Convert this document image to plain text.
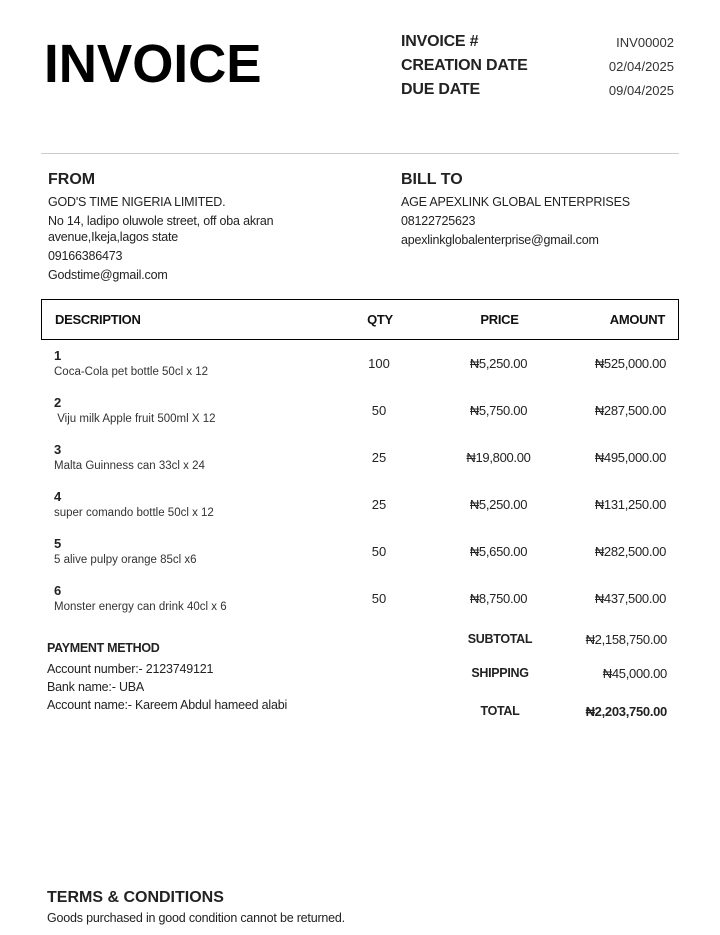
INVOICE	INVOICE #	INV00002
CREATION DATE	02/04/2025
DUE DATE	09/04/2025
FROM
GOD'S TIME NIGERIA LIMITED.
No 14, ladipo oluwole street, off oba akran
avenue,Ikeja,lagos state
09166386473
Godstime@gmail.com
BILL TO
AGE APEXLINK GLOBAL ENTERPRISES
08122725623
apexlinkglobalenterprise@gmail.com
DESCRIPTION	QTY	PRICE	AMOUNT
1
Coca-Cola pet bottle 50cl x 12
100	₦5,250.00	₦525,000.00
2
Viju milk Apple fruit 500ml X 12
50	₦5,750.00	₦287,500.00
3
Malta Guinness can 33cl x 24
25	₦19,800.00	₦495,000.00
4
super comando bottle 50cl x 12
25	₦5,250.00	₦131,250.00
5
5 alive pulpy orange 85cl x6
50	₦5,650.00	₦282,500.00
6
Monster energy can drink 40cl x 6
50	₦8,750.00	₦437,500.00
PAYMENT METHOD
Account number:- 2123749121
Bank name:- UBA
Account name:- Kareem Abdul hameed alabi
SUBTOTAL	₦2,158,750.00
SHIPPING	₦45,000.00
TOTAL	₦2,203,750.00
TERMS & CONDITIONS
Goods purchased in good condition cannot be returned.
